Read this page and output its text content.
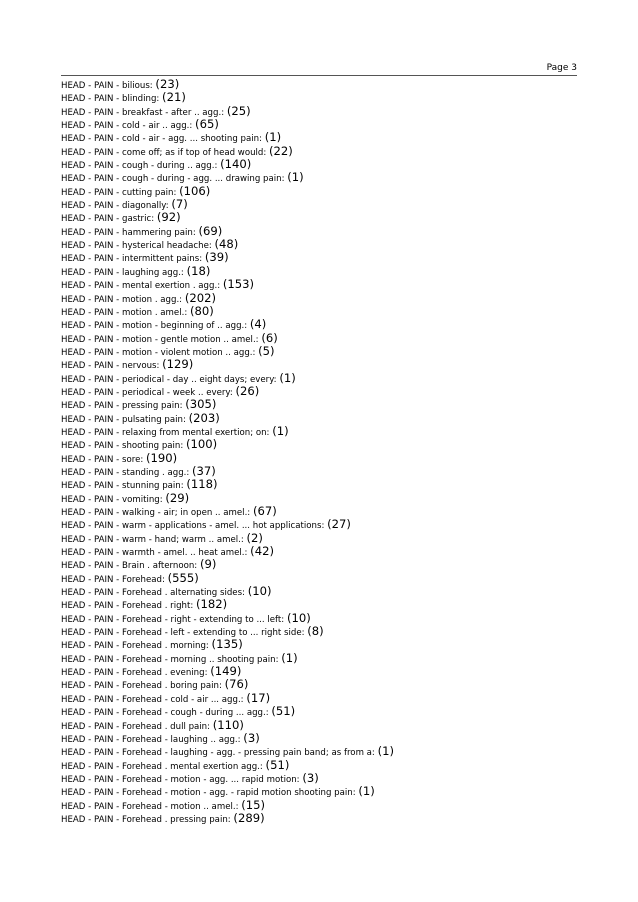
Page 3
HEAD - PAIN - bilious: (23)
HEAD - PAIN - blinding: (21)
HEAD - PAIN - breakfast - after .. agg.: (25)
HEAD - PAIN - cold - air .. agg.: (65)
HEAD - PAIN - cold - air - agg. ... shooting pain: (1)
HEAD - PAIN - come off; as if top of head would: (22)
HEAD - PAIN - cough - during .. agg.: (140)
HEAD - PAIN - cough - during - agg. ... drawing pain: (1)
HEAD - PAIN - cutting pain: (106)
HEAD - PAIN - diagonally: (7)
HEAD - PAIN - gastric: (92)
HEAD - PAIN - hammering pain: (69)
HEAD - PAIN - hysterical headache: (48)
HEAD - PAIN - intermittent pains: (39)
HEAD - PAIN - laughing agg.: (18)
HEAD - PAIN - mental exertion . agg.: (153)
HEAD - PAIN - motion . agg.: (202)
HEAD - PAIN - motion . amel.: (80)
HEAD - PAIN - motion - beginning of .. agg.: (4)
HEAD - PAIN - motion - gentle motion .. amel.: (6)
HEAD - PAIN - motion - violent motion .. agg.: (5)
HEAD - PAIN - nervous: (129)
HEAD - PAIN - periodical - day .. eight days; every: (1)
HEAD - PAIN - periodical - week .. every: (26)
HEAD - PAIN - pressing pain: (305)
HEAD - PAIN - pulsating pain: (203)
HEAD - PAIN - relaxing from mental exertion; on: (1)
HEAD - PAIN - shooting pain: (100)
HEAD - PAIN - sore: (190)
HEAD - PAIN - standing . agg.: (37)
HEAD - PAIN - stunning pain: (118)
HEAD - PAIN - vomiting: (29)
HEAD - PAIN - walking - air; in open .. amel.: (67)
HEAD - PAIN - warm - applications - amel. ... hot applications: (27)
HEAD - PAIN - warm - hand; warm .. amel.: (2)
HEAD - PAIN - warmth - amel. .. heat amel.: (42)
HEAD - PAIN - Brain . afternoon: (9)
HEAD - PAIN - Forehead: (555)
HEAD - PAIN - Forehead . alternating sides: (10)
HEAD - PAIN - Forehead . right: (182)
HEAD - PAIN - Forehead - right - extending to ... left: (10)
HEAD - PAIN - Forehead - left - extending to ... right side: (8)
HEAD - PAIN - Forehead . morning: (135)
HEAD - PAIN - Forehead - morning .. shooting pain: (1)
HEAD - PAIN - Forehead . evening: (149)
HEAD - PAIN - Forehead . boring pain: (76)
HEAD - PAIN - Forehead - cold - air ... agg.: (17)
HEAD - PAIN - Forehead - cough - during ... agg.: (51)
HEAD - PAIN - Forehead . dull pain: (110)
HEAD - PAIN - Forehead - laughing .. agg.: (3)
HEAD - PAIN - Forehead - laughing - agg. - pressing pain band; as from a: (1)
HEAD - PAIN - Forehead . mental exertion agg.: (51)
HEAD - PAIN - Forehead - motion - agg. ... rapid motion: (3)
HEAD - PAIN - Forehead - motion - agg. - rapid motion shooting pain: (1)
HEAD - PAIN - Forehead - motion .. amel.: (15)
HEAD - PAIN - Forehead . pressing pain: (289)
